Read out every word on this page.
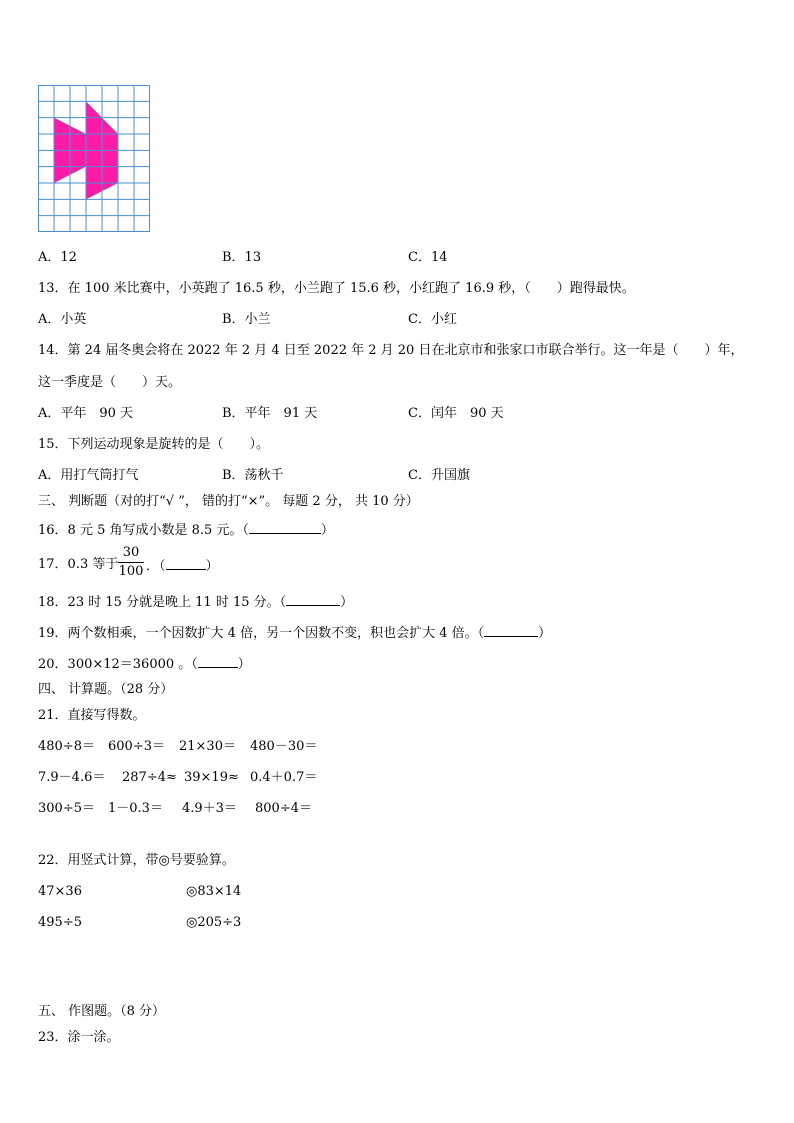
A．12	B．13	C．14
13．在 100 米比赛中，小英跑了 16.5 秒，小兰跑了 15.6 秒，小红跑了 16.9 秒，（　　）跑得最快。
A．小英	B．小兰	C．小红
14．第 24 届冬奥会将在 2022 年 2 月 4 日至 2022 年 2 月 20 日在北京市和张家口市联合举行。这一年是（　　）年，
这一季度是（　　）天。
A．平年　90 天	B．平年　91 天	C．闰年　90 天
15．下列运动现象是旋转的是（　　）。
A．用打气筒打气	B．荡秋千	C．升国旗
三、 判断题（对的打“√ ”， 错的打“×”。 每题 2 分， 共 10 分）
16．8 元 5 角写成小数是 8.5 元。（	）
17．0.3 等于 $\frac{30}{100}$ ．（	）
18．23 时 15 分就是晚上 11 时 15 分。（	）
19．两个数相乘，一个因数扩大 4 倍，另一个因数不变，积也会扩大 4 倍。（	）
20．300×12＝36000 。（	）
四、 计算题。（28 分）
21．直接写得数。
480÷8＝ 600÷3＝ 21×30＝ 480－30＝
7.9－4.6＝ 287÷4≈ 39×19≈ 0.4＋0.7＝
300÷5＝ 1－0.3＝ 4.9＋3＝ 800÷4＝
22．用竖式计算，带◎号要验算。
47×36	◎83×14
495÷5	◎205÷3
五、 作图题。（8 分）
23．涂一涂。
